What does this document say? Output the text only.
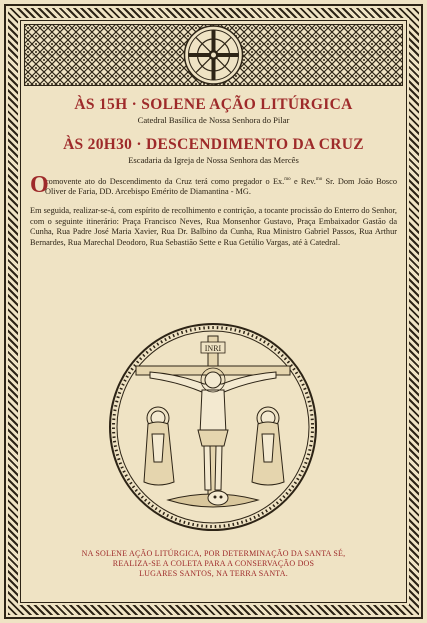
ÀS 15H · SOLENE AÇÃO LITÚRGICA

Catedral Basílica de Nossa Senhora do Pilar

ÀS 20H30 · DESCENDIMENTO DA CRUZ

Escadaria da Igreja de Nossa Senhora das Mercês

O
comovente ato do Descendimento da Cruz terá como pregador o Ex.$^{mo}$ e Rev.$^{mo}$ Sr. Dom João Bosco Oliver de Faria, DD. Arcebispo Emérito de Diamantina - MG.

Em seguida, realizar-se-á, com espírito de recolhimento e contrição, a tocante procissão do Enterro do Senhor, com o seguinte itinerário: Praça Francisco Neves, Rua Monsenhor Gustavo, Praça Embaixador Gastão da Cunha, Rua Padre José Maria Xavier, Rua Dr. Balbino da Cunha, Rua Ministro Gabriel Passos, Rua Arthur Bernardes, Rua Marechal Deodoro, Rua Sebastião Sette e Rua Getúlio Vargas, até à Catedral.

INRI

NA SOLENE AÇÃO LITÚRGICA, POR DETERMINAÇÃO DA SANTA SÉ,
REALIZA-SE A COLETA PARA A CONSERVAÇÃO DOS
LUGARES SANTOS, NA TERRA SANTA.
